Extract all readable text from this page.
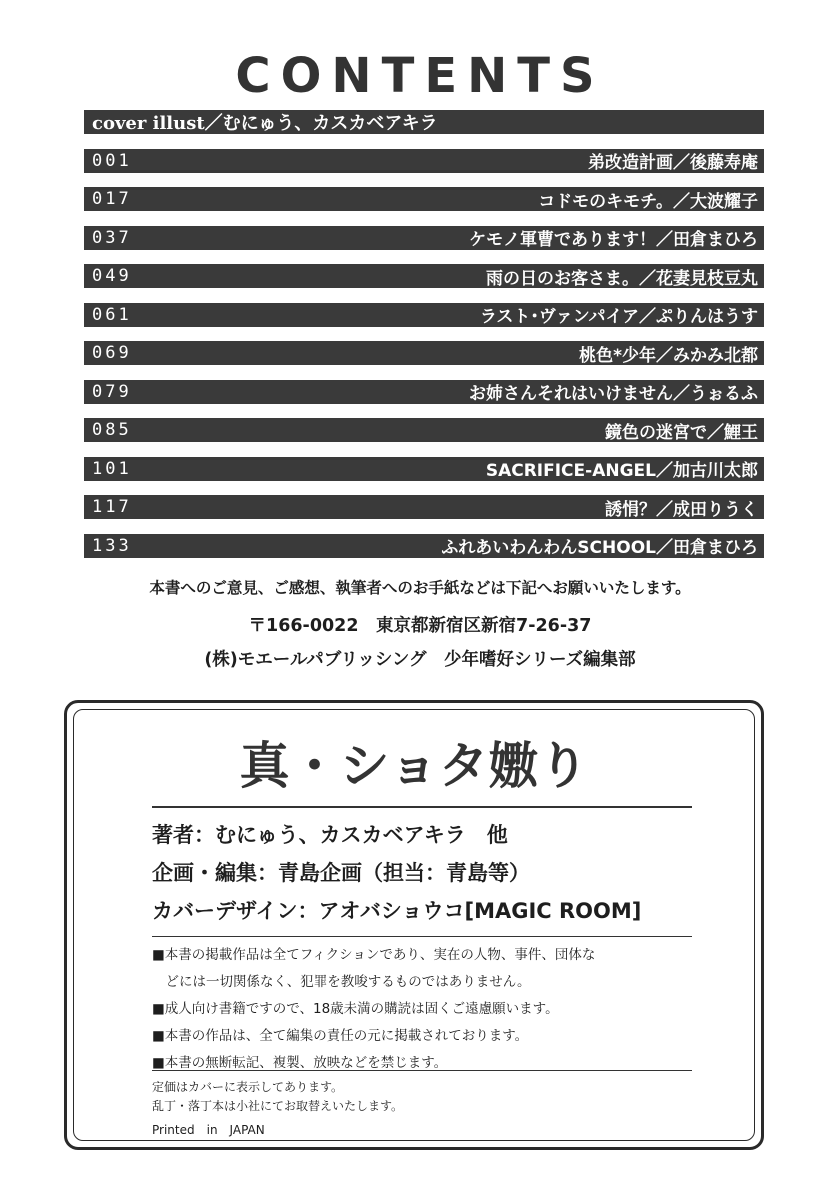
CONTENTS
cover illust／むにゅう、カスカベアキラ
001	弟改造計画／後藤寿庵
017	コドモのキモチ。／大波耀子
037	ケモノ軍曹であります！／田倉まひろ
049	雨の日のお客さま。／花妻見枝豆丸
061	ラスト･ヴァンパイア／ぷりんはうす
069	桃色*少年／みかみ北都
079	お姉さんそれはいけません／うぉるふ
085	鏡色の迷宮で／鯉王
101	SACRIFICE-ANGEL／加古川太郎
117	誘悁？／成田りうく
133	ふれあいわんわんSCHOOL／田倉まひろ
本書へのご意見、ご感想、執筆者へのお手紙などは下記へお願いいたします。
〒166-0022　東京都新宿区新宿7-26-37
(株)モエールパブリッシング　少年嗜好シリーズ編集部
真・ショタ嫐り
著者：むにゅう、カスカベアキラ　他
企画・編集：青島企画（担当：青島等）
カバーデザイン：アオバショウコ[MAGIC ROOM]
■本書の掲載作品は全てフィクションであり、実在の人物、事件、団体な
　どには一切関係なく、犯罪を教唆するものではありません。
■成人向け書籍ですので、18歳未満の購読は固くご遠慮願います。
■本書の作品は、全て編集の責任の元に掲載されております。
■本書の無断転記、複製、放映などを禁じます。
定価はカバーに表示してあります。
乱丁・落丁本は小社にてお取替えいたします。
Printed　in　JAPAN
